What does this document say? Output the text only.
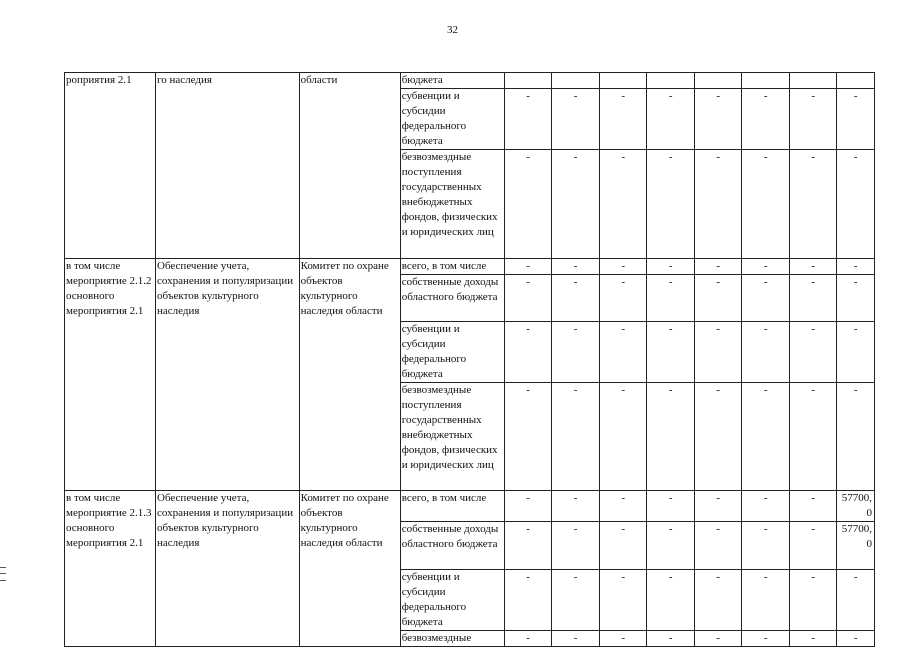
32
роприятия 2.1	го наследия	области	бюджета								
			субвенции и субсидии федерального бюджета	-	-	-	-	-	-	-	-
			безвозмездные поступления государственных внебюджетных фондов, физических и юридических лиц	-	-	-	-	-	-	-	-
в том числе мероприятие 2.1.2 основного мероприятия 2.1	Обеспечение учета, сохранения и популяризации объектов культурного наследия	Комитет по охране объектов культурного наследия области	всего, в том числе	-	-	-	-	-	-	-	-
			собственные доходы областного бюджета	-	-	-	-	-	-	-	-
			субвенции и субсидии федерального бюджета	-	-	-	-	-	-	-	-
			безвозмездные поступления государственных внебюджетных фондов, физических и юридических лиц	-	-	-	-	-	-	-	-
в том числе мероприятие 2.1.3 основного мероприятия 2.1	Обеспечение учета, сохранения и популяризации объектов культурного наследия	Комитет по охране объектов культурного наследия области	всего, в том числе	-	-	-	-	-	-	-	57700,0
			собственные доходы областного бюджета	-	-	-	-	-	-	-	57700,0
			субвенции и субсидии федерального бюджета	-	-	-	-	-	-	-	-
			безвозмездные	-	-	-	-	-	-	-	-
